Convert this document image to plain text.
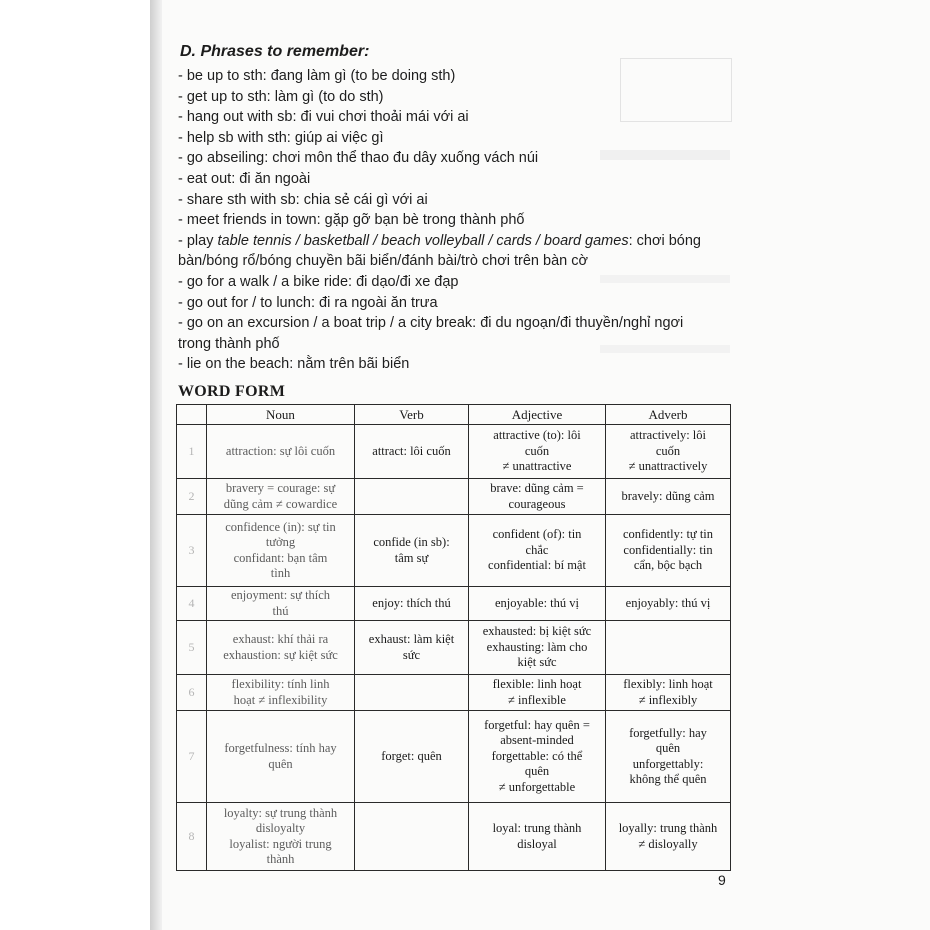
D. Phrases to remember:
- be up to sth: đang làm gì (to be doing sth)
- get up to sth: làm gì (to do sth)
- hang out with sb: đi vui chơi thoải mái với ai
- help sb with sth: giúp ai việc gì
- go abseiling: chơi môn thể thao đu dây xuống vách núi
- eat out: đi ăn ngoài
- share sth with sb: chia sẻ cái gì với ai
- meet friends in town: gặp gỡ bạn bè trong thành phố
- play table tennis / basketball / beach volleyball / cards / board games: chơi bóng
bàn/bóng rổ/bóng chuyền bãi biển/đánh bài/trò chơi trên bàn cờ
- go for a walk / a bike ride: đi dạo/đi xe đạp
- go out for / to lunch: đi ra ngoài ăn trưa
- go on an excursion / a boat trip / a city break: đi du ngoạn/đi thuyền/nghỉ ngơi
trong thành phố
- lie on the beach: nằm trên bãi biển
WORD FORM
	Noun	Verb	Adjective	Adverb
1	attraction: sự lôi cuốn	attract: lôi cuốn	attractive (to): lôi
cuốn
≠ unattractive	attractively: lôi
cuốn
≠ unattractively
2	bravery = courage: sự
dũng cảm ≠ cowardice		brave: dũng cảm =
courageous	bravely: dũng cảm
3	confidence (in): sự tin
tưởng
confidant: bạn tâm
tình	confide (in sb):
tâm sự	confident (of): tin
chắc
confidential: bí mật	confidently: tự tin
confidentially: tin
cẩn, bộc bạch
4	enjoyment: sự thích
thú	enjoy: thích thú	enjoyable: thú vị	enjoyably: thú vị
5	exhaust: khí thải ra
exhaustion: sự kiệt sức	exhaust: làm kiệt
sức	exhausted: bị kiệt sức
exhausting: làm cho
kiệt sức	
6	flexibility: tính linh
hoạt ≠ inflexibility		flexible: linh hoạt
≠ inflexible	flexibly: linh hoạt
≠ inflexibly
7	forgetfulness: tính hay
quên	forget: quên	forgetful: hay quên =
absent-minded
forgettable: có thể
quên
≠ unforgettable	forgetfully: hay
quên
unforgettably:
không thể quên
8	loyalty: sự trung thành
disloyalty
loyalist: người trung
thành		loyal: trung thành
disloyal	loyally: trung thành
≠ disloyally
9
